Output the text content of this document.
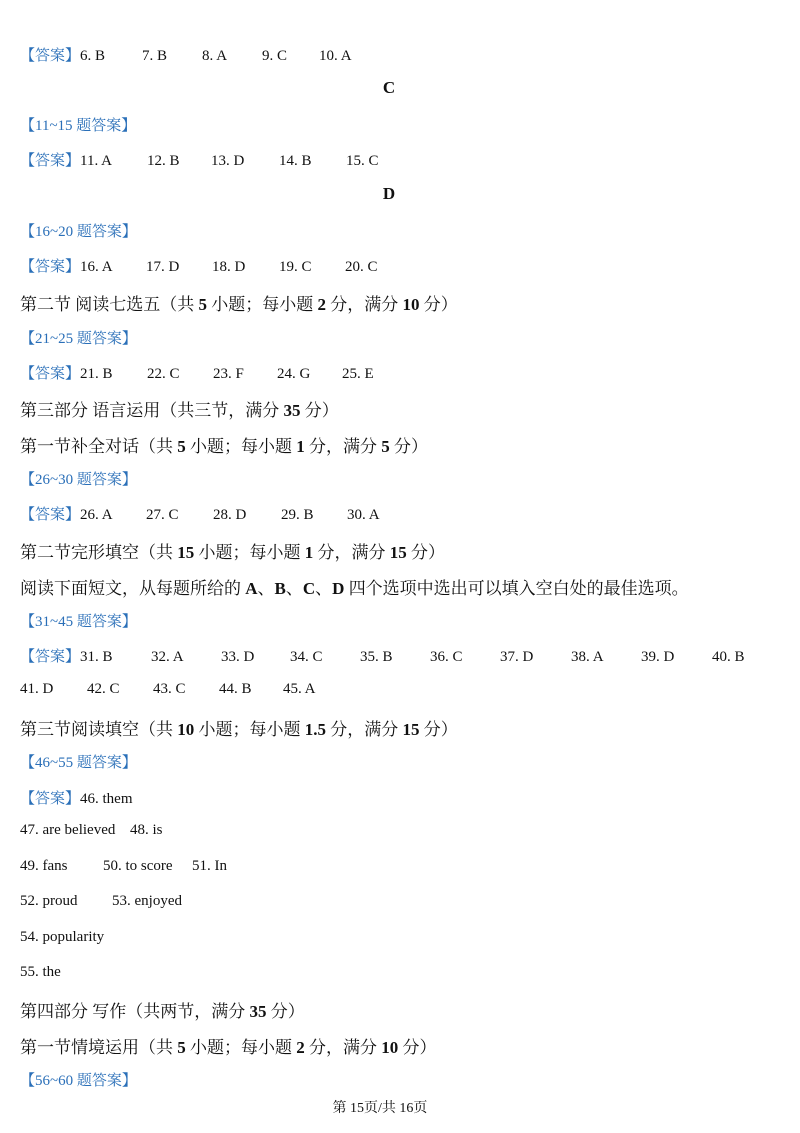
【答案】6. B 7. B 8. A 9. C 10. A
C
【11~15 题答案】
【答案】11. A 12. B 13. D 14. B 15. C
D
【16~20 题答案】
【答案】16. A 17. D 18. D 19. C 20. C
第二节 阅读七选五（共 5 小题；每小题 2 分，满分 10 分）
【21~25 题答案】
【答案】21. B 22. C 23. F 24. G 25. E
第三部分 语言运用（共三节，满分 35 分）
第一节补全对话（共 5 小题；每小题 1 分，满分 5 分）
【26~30 题答案】
【答案】26. A 27. C 28. D 29. B 30. A
第二节完形填空（共 15 小题；每小题 1 分，满分 15 分）
阅读下面短文，从每题所给的 A、B、C、D 四个选项中选出可以填入空白处的最佳选项。
【31~45 题答案】
【答案】31. B	32. A 33. D 34. C 35. B 36. C 37. D	38. A 39. D	40. B
41. D 42. C 43. C 44. B 45. A
第三节阅读填空（共 10 小题；每小题 1.5 分，满分 15 分）
【46~55 题答案】
【答案】46. them
47. are believed 48. is
49. fans 50. to score 51. In
52. proud 53. enjoyed
54. popularity
55. the
第四部分 写作（共两节，满分 35 分）
第一节情境运用（共 5 小题；每小题 2 分，满分 10 分）
【56~60 题答案】
第 15页/共 16页
